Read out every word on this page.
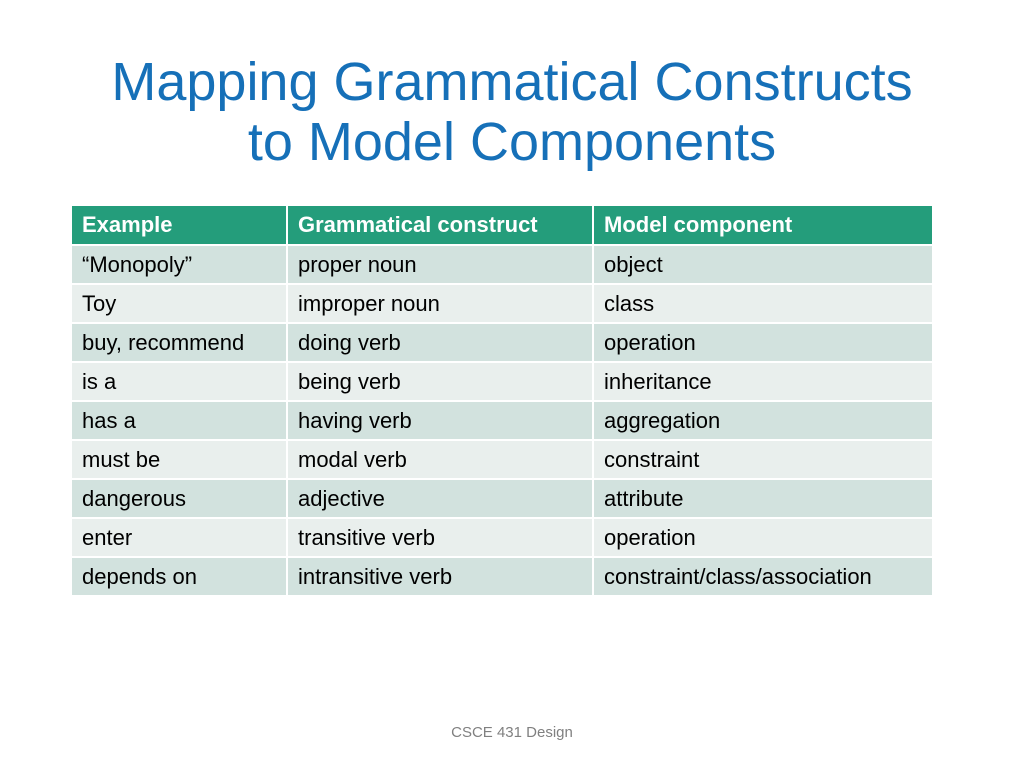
Mapping Grammatical Constructs
to Model Components
Example	Grammatical construct	Model component
“Monopoly”	proper noun	object
Toy	improper noun	class
buy, recommend	doing verb	operation
is a	being verb	inheritance
has a	having verb	aggregation
must be	modal verb	constraint
dangerous	adjective	attribute
enter	transitive verb	operation
depends on	intransitive verb	constraint/class/association
CSCE 431 Design
